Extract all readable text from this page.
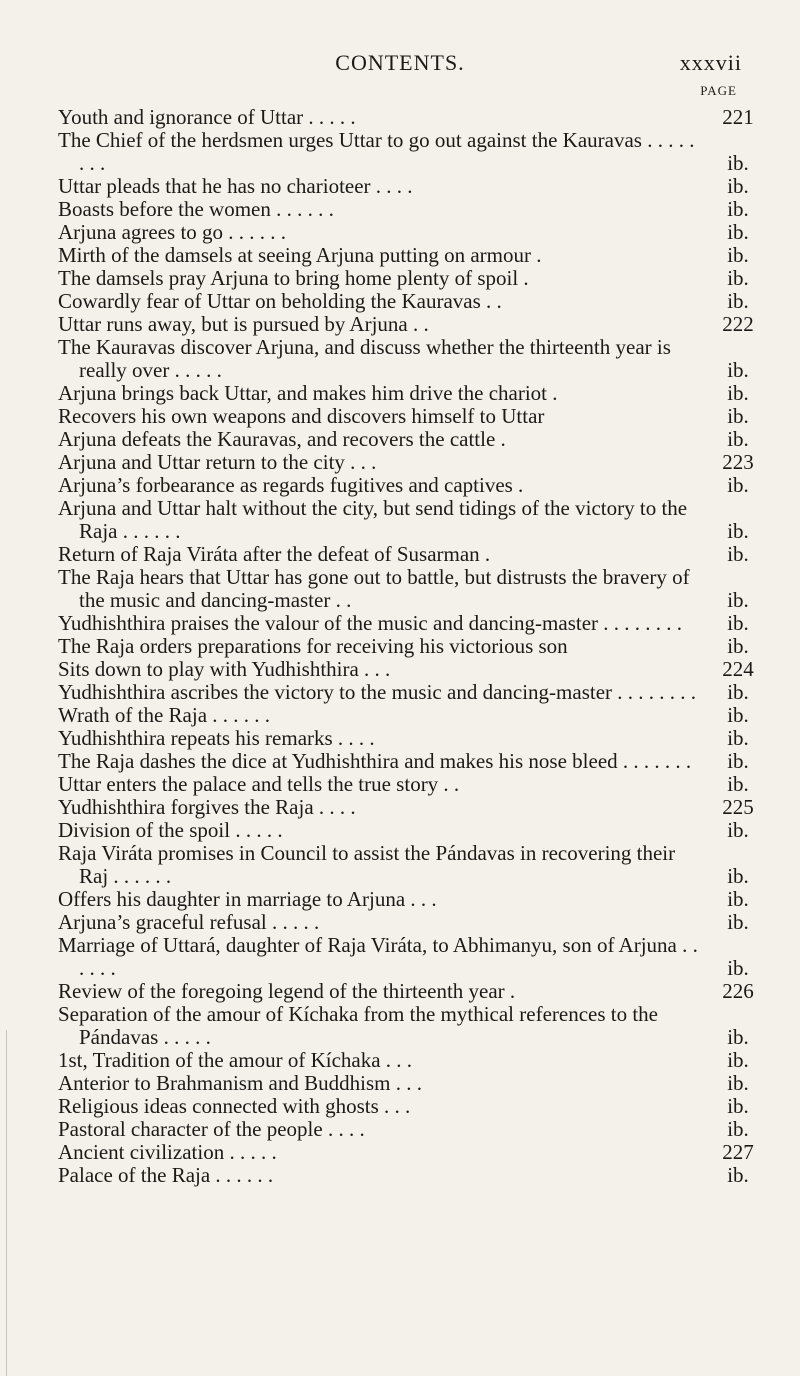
CONTENTS.	xxxvii
PAGE
Youth and ignorance of Uttar . . . . .	221
The Chief of the herdsmen urges Uttar to go out against the Kauravas . . . . . . . .	ib.
Uttar pleads that he has no charioteer . . . .	ib.
Boasts before the women . . . . . .	ib.
Arjuna agrees to go . . . . . .	ib.
Mirth of the damsels at seeing Arjuna putting on armour .	ib.
The damsels pray Arjuna to bring home plenty of spoil .	ib.
Cowardly fear of Uttar on beholding the Kauravas . .	ib.
Uttar runs away, but is pursued by Arjuna . .	222
The Kauravas discover Arjuna, and discuss whether the thirteenth year is really over . . . . .	ib.
Arjuna brings back Uttar, and makes him drive the chariot .	ib.
Recovers his own weapons and discovers himself to Uttar	ib.
Arjuna defeats the Kauravas, and recovers the cattle .	ib.
Arjuna and Uttar return to the city . . .	223
Arjuna’s forbearance as regards fugitives and captives .	ib.
Arjuna and Uttar halt without the city, but send tidings of the victory to the Raja . . . . . .	ib.
Return of Raja Viráta after the defeat of Susarman .	ib.
The Raja hears that Uttar has gone out to battle, but distrusts the bravery of the music and dancing-master . .	ib.
Yudhishthira praises the valour of the music and dancing-master . . . . . . . .	ib.
The Raja orders preparations for receiving his victorious son	ib.
Sits down to play with Yudhishthira . . .	224
Yudhishthira ascribes the victory to the music and dancing-master . . . . . . . .	ib.
Wrath of the Raja . . . . . .	ib.
Yudhishthira repeats his remarks . . . .	ib.
The Raja dashes the dice at Yudhishthira and makes his nose bleed . . . . . . .	ib.
Uttar enters the palace and tells the true story . .	ib.
Yudhishthira forgives the Raja . . . .	225
Division of the spoil . . . . .	ib.
Raja Viráta promises in Council to assist the Pándavas in recovering their Raj . . . . . .	ib.
Offers his daughter in marriage to Arjuna . . .	ib.
Arjuna’s graceful refusal . . . . .	ib.
Marriage of Uttará, daughter of Raja Viráta, to Abhimanyu, son of Arjuna . . . . . .	ib.
Review of the foregoing legend of the thirteenth year .	226
Separation of the amour of Kíchaka from the mythical references to the Pándavas . . . . .	ib.
1st, Tradition of the amour of Kíchaka . . .	ib.
Anterior to Brahmanism and Buddhism . . .	ib.
Religious ideas connected with ghosts . . .	ib.
Pastoral character of the people . . . .	ib.
Ancient civilization . . . . .	227
Palace of the Raja . . . . . .	ib.
